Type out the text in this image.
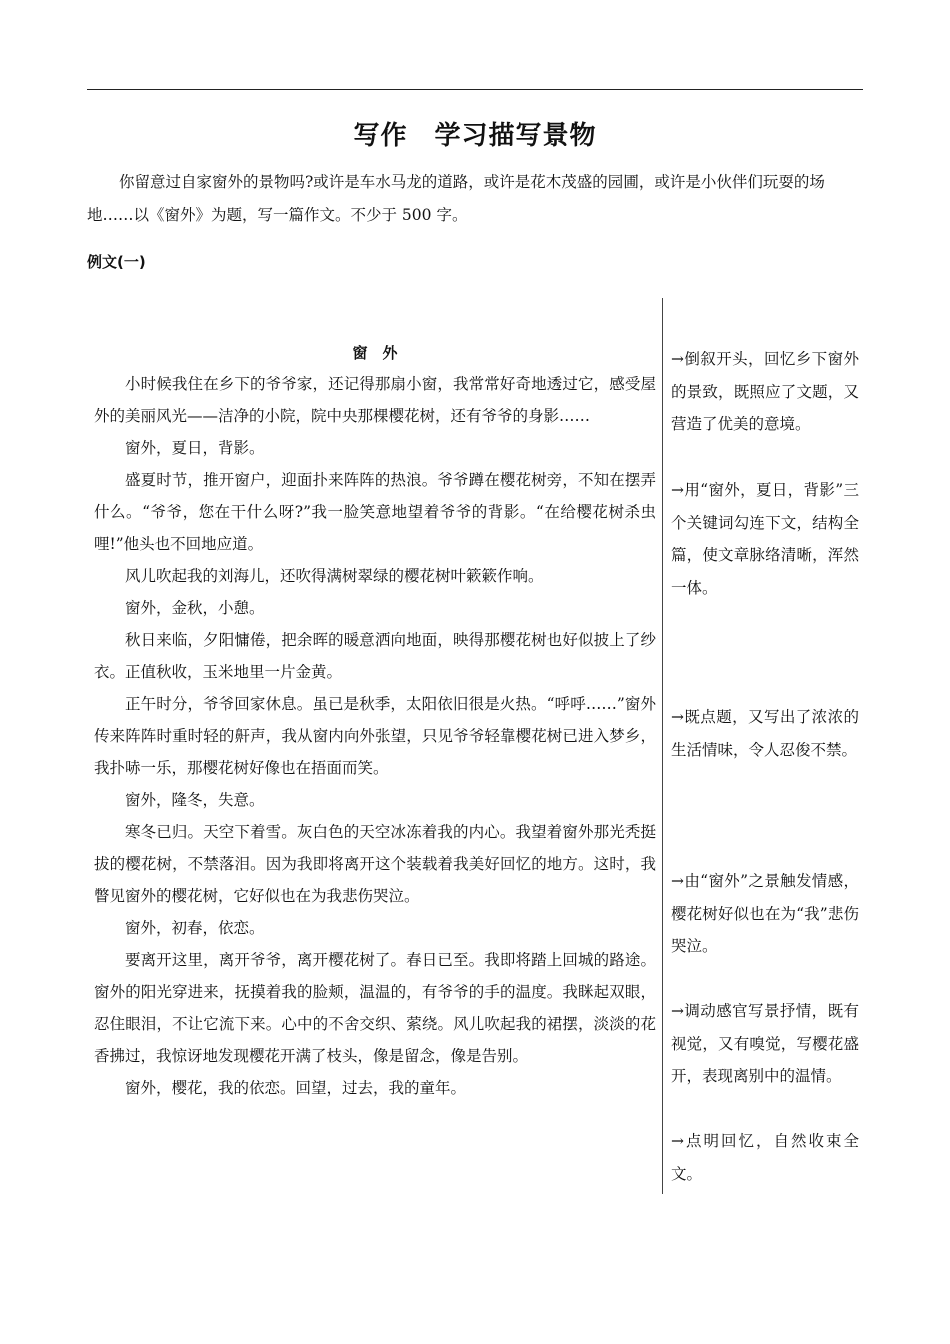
写作　学习描写景物

你留意过自家窗外的景物吗?或许是车水马龙的道路，或许是花木茂盛的园圃，或许是小伙伴们玩耍的场地……以《窗外》为题，写一篇作文。不少于 500 字。

例文(一)

窗　外

小时候我住在乡下的爷爷家，还记得那扇小窗，我常常好奇地透过它，感受屋外的美丽风光——洁净的小院，院中央那棵樱花树，还有爷爷的身影……

窗外，夏日，背影。

盛夏时节，推开窗户，迎面扑来阵阵的热浪。爷爷蹲在樱花树旁，不知在摆弄什么。“爷爷，您在干什么呀?”我一脸笑意地望着爷爷的背影。“在给樱花树杀虫哩!”他头也不回地应道。

风儿吹起我的刘海儿，还吹得满树翠绿的樱花树叶簌簌作响。

窗外，金秋，小憩。

秋日来临，夕阳慵倦，把余晖的暖意洒向地面，映得那樱花树也好似披上了纱衣。正值秋收，玉米地里一片金黄。

正午时分，爷爷回家休息。虽已是秋季，太阳依旧很是火热。“呼呼……”窗外传来阵阵时重时轻的鼾声，我从窗内向外张望，只见爷爷轻靠樱花树已进入梦乡，我扑哧一乐，那樱花树好像也在捂面而笑。

窗外，隆冬，失意。

寒冬已归。天空下着雪。灰白色的天空冰冻着我的内心。我望着窗外那光秃挺拔的樱花树，不禁落泪。因为我即将离开这个装载着我美好回忆的地方。这时，我瞥见窗外的樱花树，它好似也在为我悲伤哭泣。

窗外，初春，依恋。

要离开这里，离开爷爷，离开樱花树了。春日已至。我即将踏上回城的路途。窗外的阳光穿进来，抚摸着我的脸颊，温温的，有爷爷的手的温度。我眯起双眼，忍住眼泪，不让它流下来。心中的不舍交织、萦绕。风儿吹起我的裙摆，淡淡的花香拂过，我惊讶地发现樱花开满了枝头，像是留念，像是告别。

窗外，樱花，我的依恋。回望，过去，我的童年。

→倒叙开头，回忆乡下窗外的景致，既照应了文题，又营造了优美的意境。

→用“窗外，夏日，背影”三个关键词勾连下文，结构全篇，使文章脉络清晰，浑然一体。

→既点题，又写出了浓浓的生活情味，令人忍俊不禁。

→由“窗外”之景触发情感，樱花树好似也在为“我”悲伤哭泣。

→调动感官写景抒情，既有视觉，又有嗅觉，写樱花盛开，表现离别中的温情。

→点明回忆，自然收束全文。
